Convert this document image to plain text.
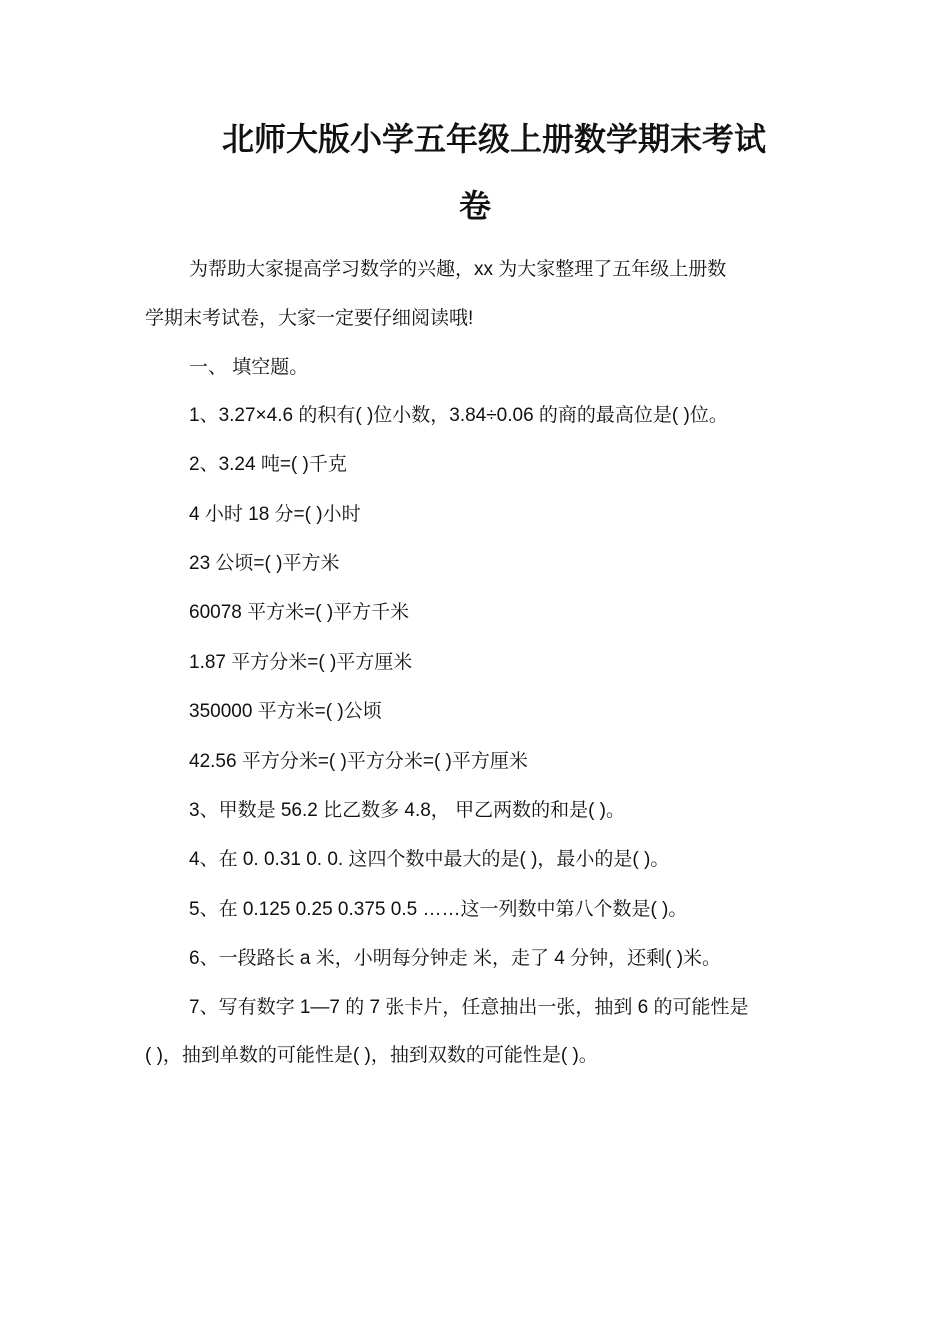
北师大版小学五年级上册数学期末考试
卷
为帮助大家提高学习数学的兴趣，xx 为大家整理了五年级上册数
学期末考试卷，大家一定要仔细阅读哦!
一、 填空题。
1、3.27×4.6 的积有( )位小数，3.84÷0.06 的商的最高位是( )位。
2、3.24 吨=( )千克
4 小时 18 分=( )小时
23 公顷=( )平方米
60078 平方米=( )平方千米
1.87 平方分米=( )平方厘米
350000 平方米=( )公顷
42.56 平方分米=( )平方分米=( )平方厘米
3、甲数是 56.2 比乙数多 4.8， 甲乙两数的和是( )。
4、在 0. 0.31 0. 0. 这四个数中最大的是( )，最小的是( )。
5、在 0.125 0.25 0.375 0.5 ……这一列数中第八个数是( )。
6、一段路长 a 米，小明每分钟走 米，走了 4 分钟，还剩( )米。
7、写有数字 1—7 的 7 张卡片，任意抽出一张，抽到 6 的可能性是
( )，抽到单数的可能性是( )，抽到双数的可能性是( )。
